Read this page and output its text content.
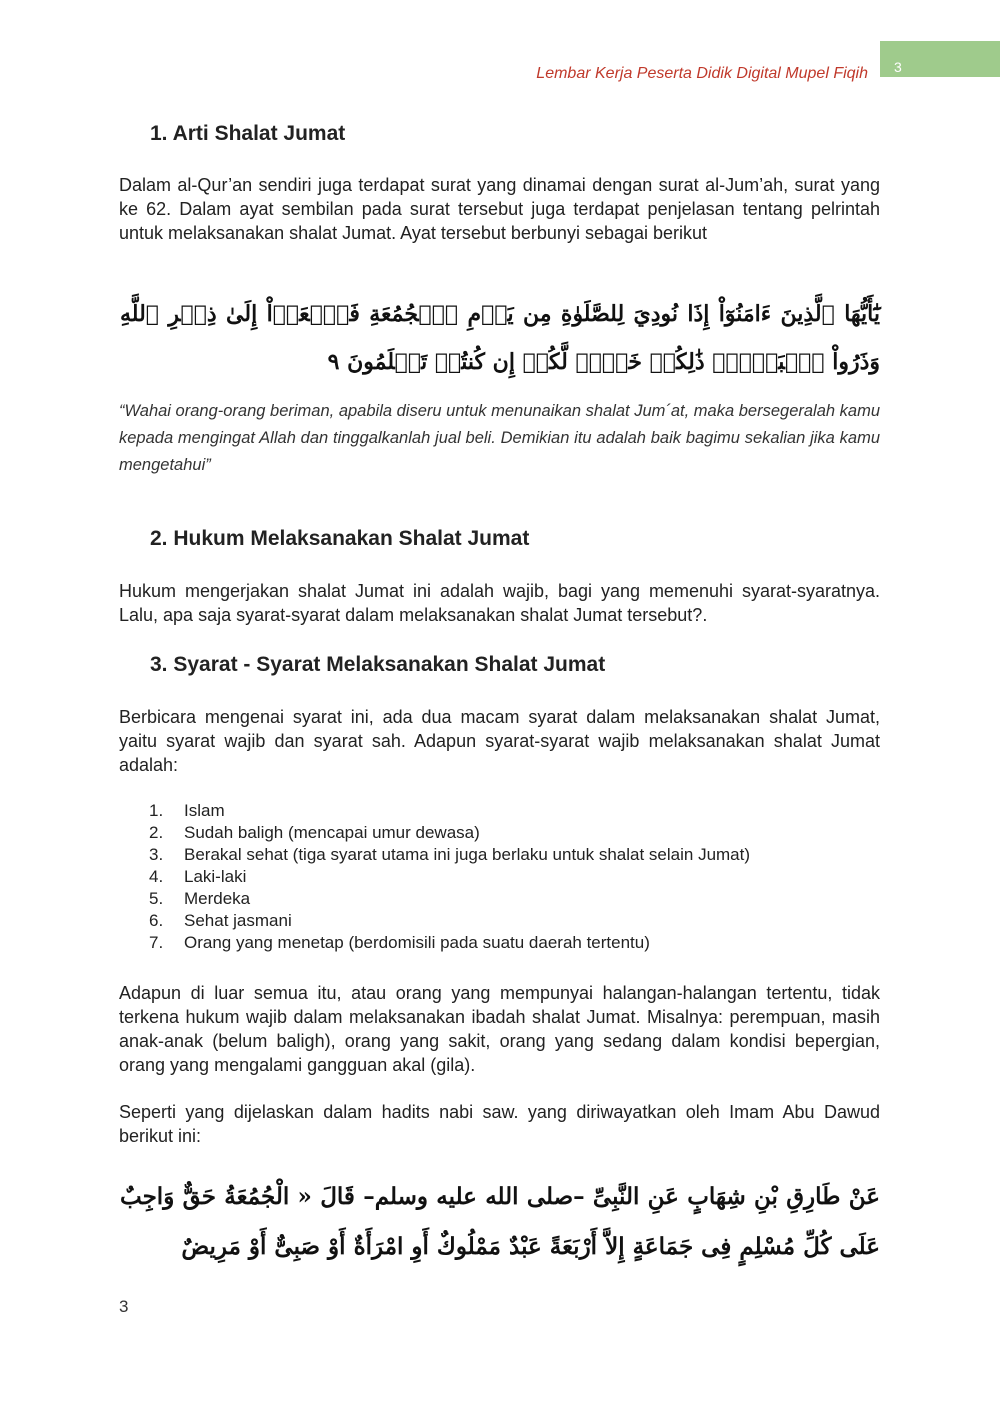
3
Lembar Kerja Peserta Didik Digital Mupel Fiqih
1. Arti Shalat Jumat

Dalam al-Qur’an sendiri juga terdapat surat yang dinamai dengan surat al-Jum’ah, surat yang ke 62. Dalam ayat sembilan pada surat tersebut juga terdapat penjelasan tentang pelrintah untuk melaksanakan shalat Jumat. Ayat tersebut berbunyi sebagai berikut

يَٰٓأَيُّهَا ٱلَّذِينَ ءَامَنُوٓاْ إِذَا نُودِيَ لِلصَّلَوٰةِ مِن يَوۡمِ ٱلۡجُمُعَةِ فَٱسۡعَوۡاْ إِلَىٰ ذِكۡرِ ٱللَّهِ وَذَرُواْ ٱلۡبَيۡعَۚ ذَٰلِكُمۡ خَيۡرٞ لَّكُمۡ إِن كُنتُمۡ تَعۡلَمُونَ ٩

“Wahai orang-orang beriman, apabila diseru untuk menunaikan shalat Jum´at, maka bersegeralah kamu kepada mengingat Allah dan tinggalkanlah jual beli. Demikian itu adalah baik bagimu sekalian jika kamu mengetahui”

2. Hukum Melaksanakan Shalat Jumat

Hukum mengerjakan shalat Jumat ini adalah wajib, bagi yang memenuhi syarat-syaratnya. Lalu, apa saja syarat-syarat dalam melaksanakan shalat Jumat tersebut?.

3. Syarat - Syarat Melaksanakan Shalat Jumat

Berbicara mengenai syarat ini, ada dua macam syarat dalam melaksanakan shalat Jumat, yaitu syarat wajib dan syarat sah. Adapun syarat-syarat wajib melaksanakan shalat Jumat adalah:

1. Islam
2. Sudah baligh (mencapai umur dewasa)
3. Berakal sehat (tiga syarat utama ini juga berlaku untuk shalat selain Jumat)
4. Laki-laki
5. Merdeka
6. Sehat jasmani
7. Orang yang menetap (berdomisili pada suatu daerah tertentu)

Adapun di luar semua itu, atau orang yang mempunyai halangan-halangan tertentu, tidak terkena hukum wajib dalam melaksanakan ibadah shalat Jumat. Misalnya: perempuan, masih anak-anak (belum baligh), orang yang sakit, orang yang sedang dalam kondisi bepergian, orang yang mengalami gangguan akal (gila).

Seperti yang dijelaskan dalam hadits nabi saw. yang diriwayatkan oleh Imam Abu Dawud berikut ini:

عَنْ طَارِقِ بْنِ شِهَابٍ عَنِ النَّبِىِّ –صلى الله عليه وسلم– قَالَ « الْجُمُعَةُ حَقٌّ وَاجِبٌ عَلَى كُلِّ مُسْلِمٍ فِى جَمَاعَةٍ إِلاَّ أَرْبَعَةً عَبْدٌ مَمْلُوكٌ أَوِ امْرَأَةٌ أَوْ صَبِىٌّ أَوْ مَرِيضٌ

3
